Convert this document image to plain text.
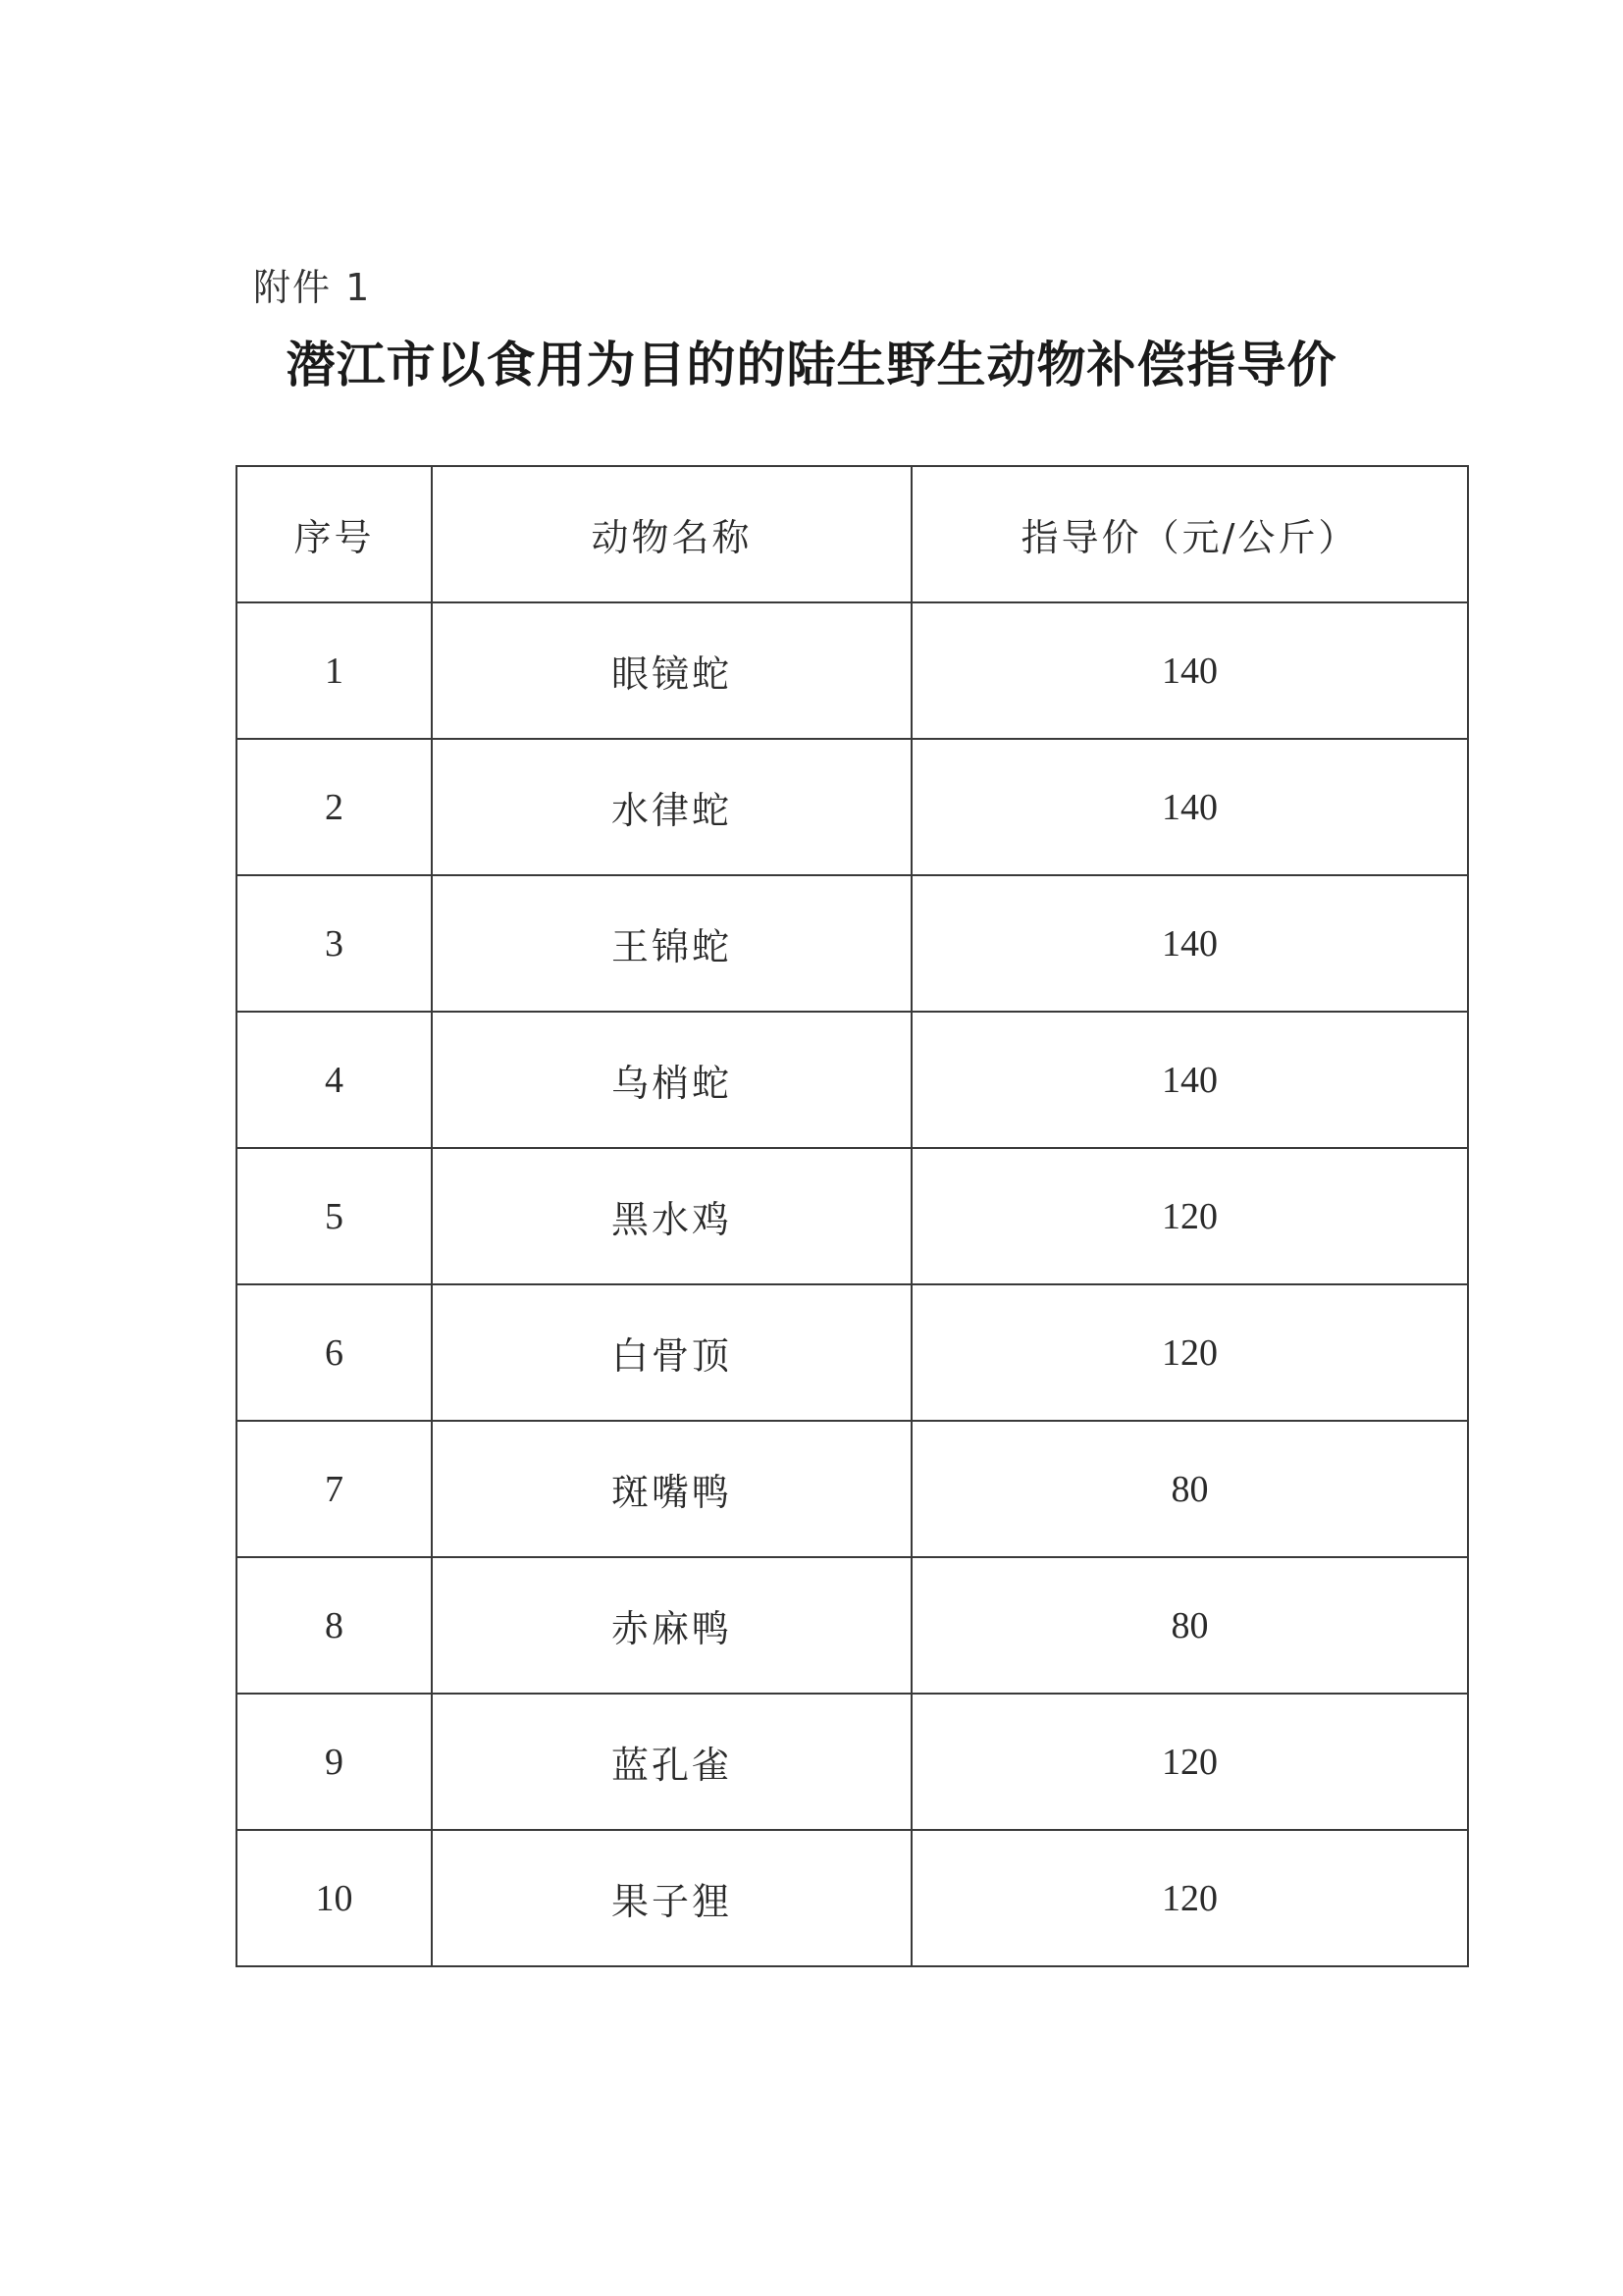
附件 1
潜江市以食用为目的的陆生野生动物补偿指导价
序号	动物名称	指导价（元/公斤）
1	眼镜蛇	140
2	水律蛇	140
3	王锦蛇	140
4	乌梢蛇	140
5	黑水鸡	120
6	白骨顶	120
7	斑嘴鸭	80
8	赤麻鸭	80
9	蓝孔雀	120
10	果子狸	120
